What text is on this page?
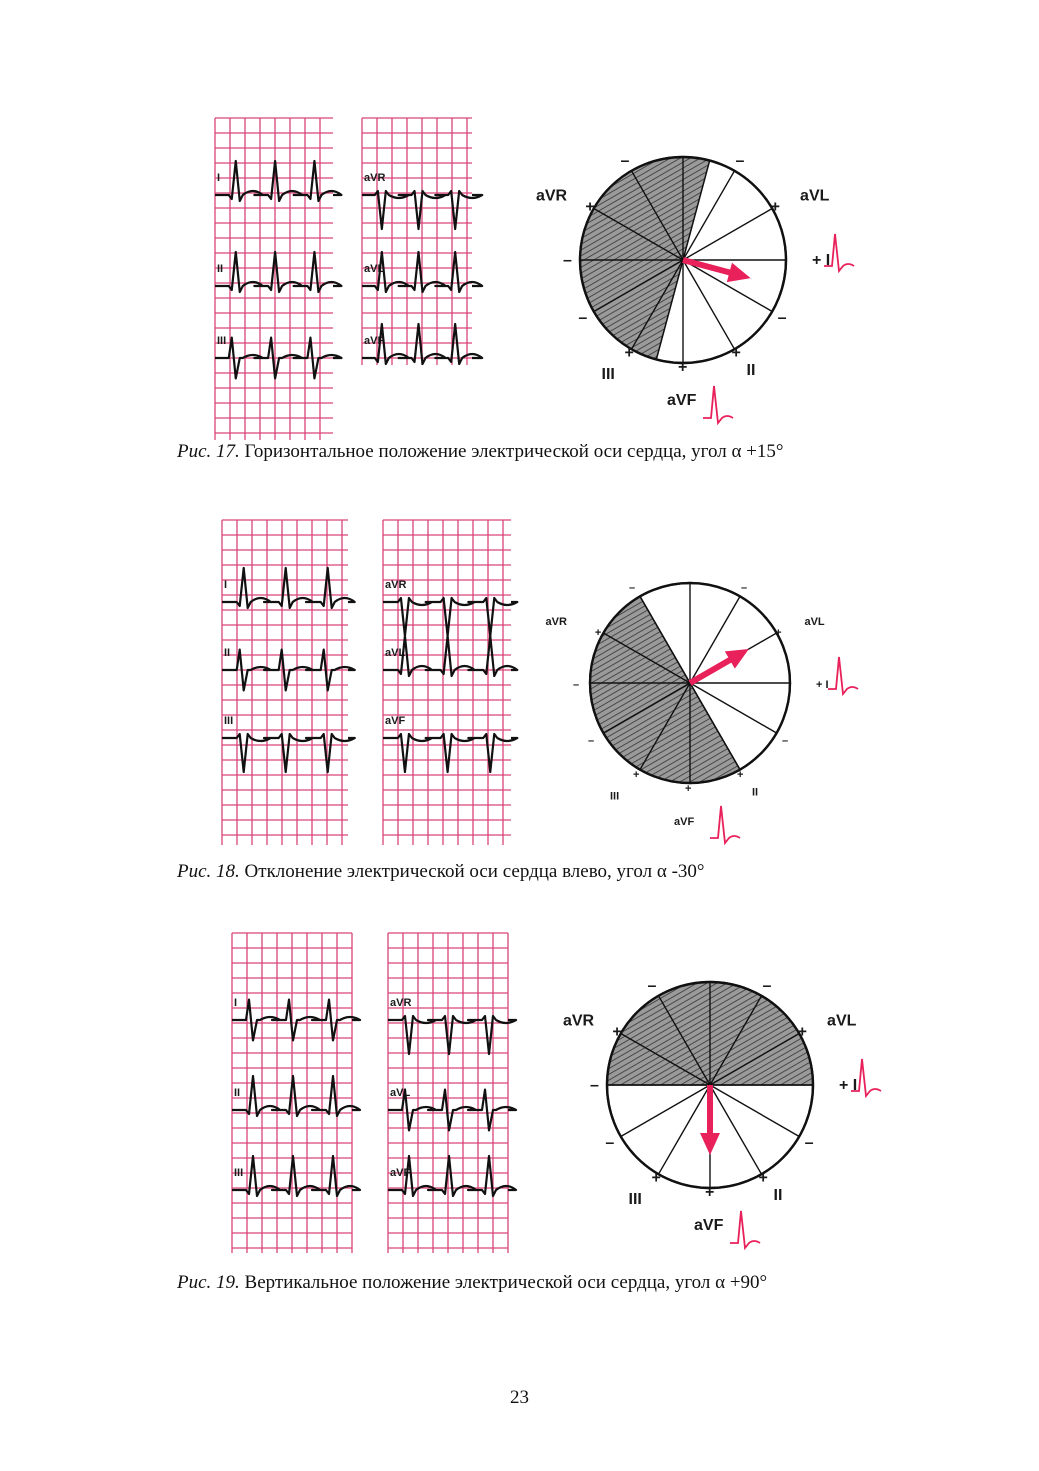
I
II
III
aVR
aVL
aVF
+ I
aVL
aVR
II
III
aVF
–
–
–
–	–
+
+
+
+
+
Рис. 17. Горизонтальное положение электрической оси сердца, угол α +15°
I
II
III
aVR
aVL
aVF
+ I
aVL
aVR
II
III
aVF
–
–
–
–	–
+
+
+
+
+
Рис. 18. Отклонение электрической оси сердца влево, угол α -30°
I
II
III
aVR
aVL
aVF
+ I
aVL
aVR
II
III
aVF
–
–
–
–	–
+
+
+
+
+
Рис. 19. Вертикальное положение электрической оси сердца, угол α +90°
23
